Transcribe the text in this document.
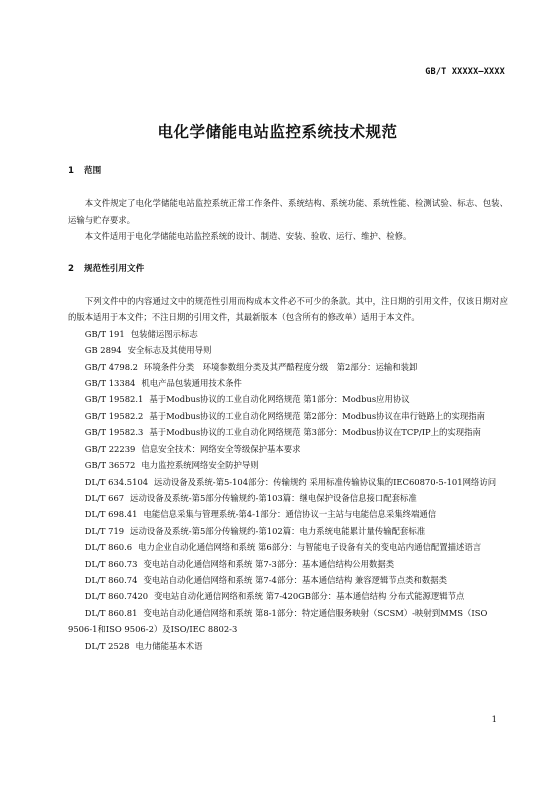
GB/T XXXXX—XXXX
电化学储能电站监控系统技术规范
1 范围

本文件规定了电化学储能电站监控系统正常工作条件、系统结构、系统功能、系统性能、检测试验、标志、包装、运输与贮存要求。

本文件适用于电化学储能电站监控系统的设计、制造、安装、验收、运行、维护、检修。

2 规范性引用文件

下列文件中的内容通过文中的规范性引用而构成本文件必不可少的条款。其中，注日期的引用文件，仅该日期对应的版本适用于本文件；不注日期的引用文件，其最新版本（包含所有的修改单）适用于本文件。

GB/T 191 包装储运图示标志
GB 2894 安全标志及其使用导则
GB/T 4798.2 环境条件分类　环境参数组分类及其严酷程度分级　第2部分：运输和装卸
GB/T 13384 机电产品包装通用技术条件
GB/T 19582.1 基于Modbus协议的工业自动化网络规范 第1部分：Modbus应用协议
GB/T 19582.2 基于Modbus协议的工业自动化网络规范 第2部分：Modbus协议在串行链路上的实现指南
GB/T 19582.3 基于Modbus协议的工业自动化网络规范 第3部分：Modbus协议在TCP/IP上的实现指南
GB/T 22239 信息安全技术：网络安全等级保护基本要求
GB/T 36572 电力监控系统网络安全防护导则
DL/T 634.5104 远动设备及系统-第5-104部分：传输规约 采用标准传输协议集的IEC60870-5-101网络访问
DL/T 667 远动设备及系统-第5部分传输规约-第103篇：继电保护设备信息接口配套标准
DL/T 698.41 电能信息采集与管理系统-第4-1部分：通信协议一主站与电能信息采集终端通信
DL/T 719 远动设备及系统-第5部分传输规约-第102篇：电力系统电能累计量传输配套标准
DL/T 860.6 电力企业自动化通信网络和系统 第6部分：与智能电子设备有关的变电站内通信配置描述语言
DL/T 860.73 变电站自动化通信网络和系统 第7-3部分：基本通信结构公用数据类
DL/T 860.74 变电站自动化通信网络和系统 第7-4部分：基本通信结构 兼容逻辑节点类和数据类
DL/T 860.7420 变电站自动化通信网络和系统 第7-420GB部分：基本通信结构 分布式能源逻辑节点
DL/T 860.81 变电站自动化通信网络和系统 第8-1部分：特定通信服务映射（SCSM）-映射到MMS（ISO 9506-1和ISO 9506-2）及ISO/IEC 8802-3
DL/T 2528 电力储能基本术语
1
